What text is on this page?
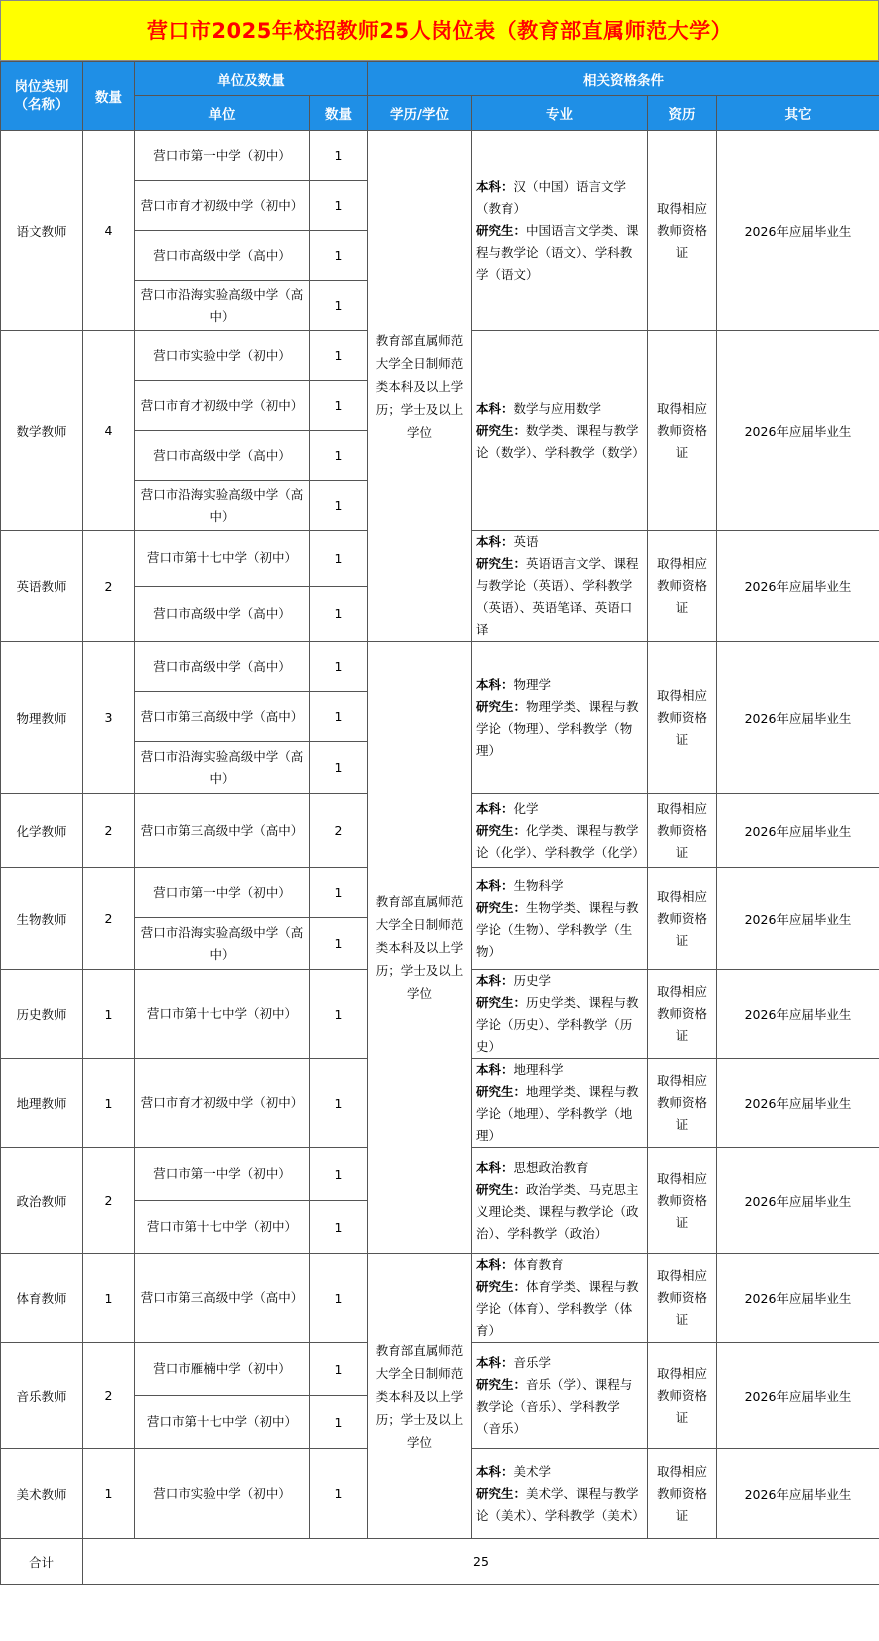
营口市2025年校招教师25人岗位表（教育部直属师范大学）
岗位类别
（名称）	数量	单位及数量		相关资格条件			
		单位	数量	学历/学位	专业	资历	其它
语文教师	4	营口市第一中学（初中）	1	教育部直属师范大学全日制师范类本科及以上学历；学士及以上学位	本科：汉（中国）语言文学（教育）
研究生：中国语言文学类、课程与教学论（语文）、学科教学（语文）	取得相应教师资格证	2026年应届毕业生
		营口市育才初级中学（初中）	1				
		营口市高级中学（高中）	1				
		营口市沿海实验高级中学（高中）	1				
数学教师	4	营口市实验中学（初中）	1		本科：数学与应用数学
研究生：数学类、课程与教学论（数学）、学科教学（数学）	取得相应教师资格证	2026年应届毕业生
		营口市育才初级中学（初中）	1				
		营口市高级中学（高中）	1				
		营口市沿海实验高级中学（高中）	1				
英语教师	2	营口市第十七中学（初中）	1		本科：英语
研究生：英语语言文学、课程与教学论（英语）、学科教学（英语）、英语笔译、英语口译	取得相应教师资格证	2026年应届毕业生
		营口市高级中学（高中）	1				
物理教师	3	营口市高级中学（高中）	1	教育部直属师范大学全日制师范类本科及以上学历；学士及以上学位	本科：物理学
研究生：物理学类、课程与教学论（物理）、学科教学（物理）	取得相应教师资格证	2026年应届毕业生
		营口市第三高级中学（高中）	1				
		营口市沿海实验高级中学（高中）	1				
化学教师	2	营口市第三高级中学（高中）	2		本科：化学
研究生：化学类、课程与教学论（化学）、学科教学（化学）	取得相应教师资格证	2026年应届毕业生
生物教师	2	营口市第一中学（初中）	1		本科：生物科学
研究生：生物学类、课程与教学论（生物）、学科教学（生物）	取得相应教师资格证	2026年应届毕业生
		营口市沿海实验高级中学（高中）	1				
历史教师	1	营口市第十七中学（初中）	1		本科：历史学
研究生：历史学类、课程与教学论（历史）、学科教学（历史）	取得相应教师资格证	2026年应届毕业生
地理教师	1	营口市育才初级中学（初中）	1		本科：地理科学
研究生：地理学类、课程与教学论（地理）、学科教学（地理）	取得相应教师资格证	2026年应届毕业生
政治教师	2	营口市第一中学（初中）	1		本科：思想政治教育
研究生：政治学类、马克思主义理论类、课程与教学论（政治）、学科教学（政治）	取得相应教师资格证	2026年应届毕业生
		营口市第十七中学（初中）	1				
体育教师	1	营口市第三高级中学（高中）	1	教育部直属师范大学全日制师范类本科及以上学历；学士及以上学位	本科：体育教育
研究生：体育学类、课程与教学论（体育）、学科教学（体育）	取得相应教师资格证	2026年应届毕业生
音乐教师	2	营口市雁楠中学（初中）	1		本科：音乐学
研究生：音乐（学）、课程与教学论（音乐）、学科教学（音乐）	取得相应教师资格证	2026年应届毕业生
		营口市第十七中学（初中）	1				
美术教师	1	营口市实验中学（初中）	1		本科：美术学
研究生：美术学、课程与教学论（美术）、学科教学（美术）	取得相应教师资格证	2026年应届毕业生
合计	25						
